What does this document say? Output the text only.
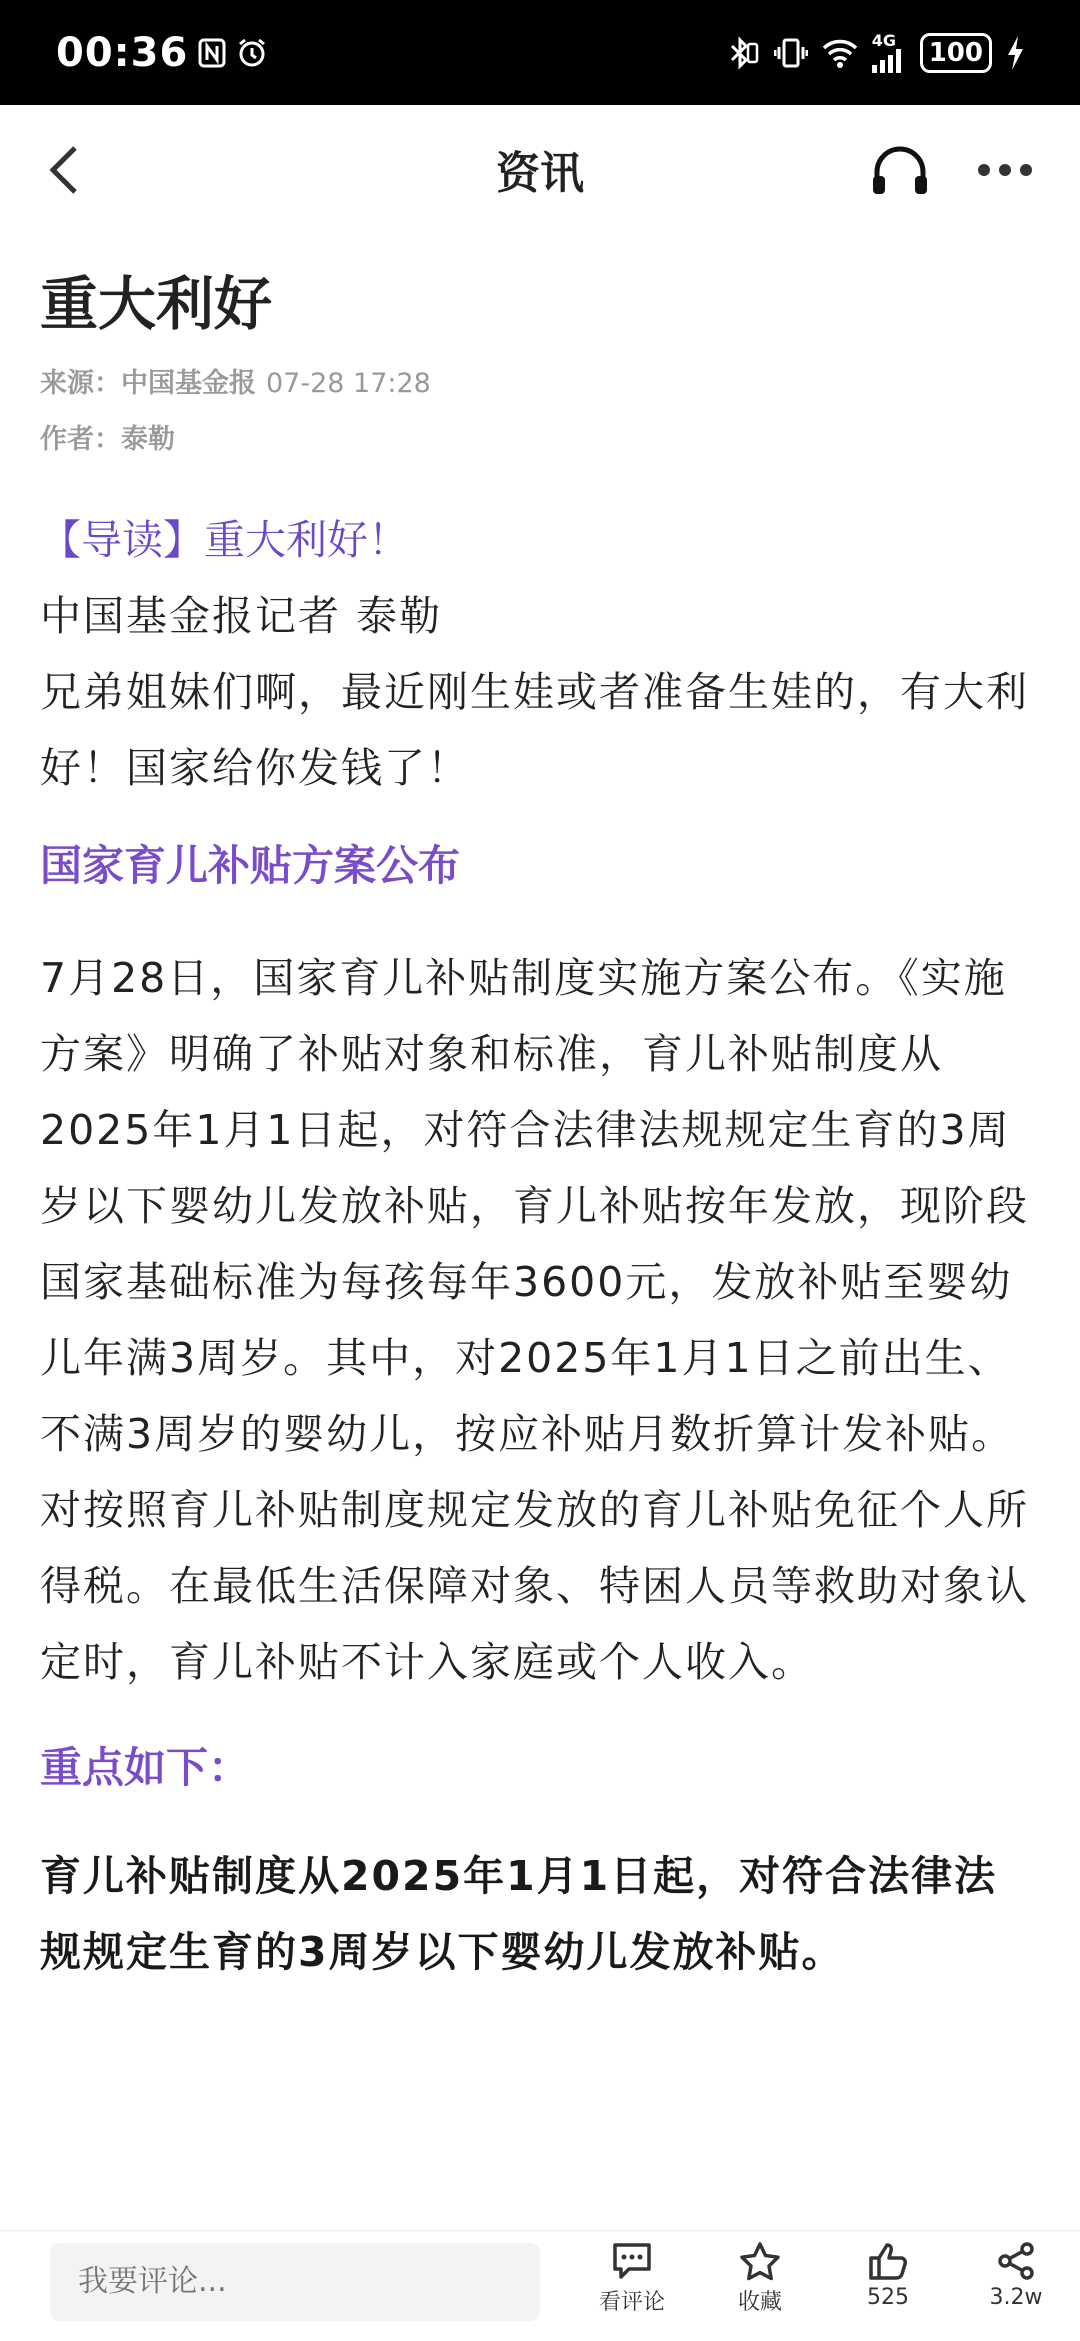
00:36	4G	100
资讯
重大利好
来源：中国基金报 07-28 17:28
作者：泰勒
【导读】重大利好！
中国基金报记者 泰勒
兄弟姐妹们啊，最近刚生娃或者准备生娃的，有大利好！国家给你发钱了！
国家育儿补贴方案公布
7月28日，国家育儿补贴制度实施方案公布。《实施方案》明确了补贴对象和标准，育儿补贴制度从2025年1月1日起，对符合法律法规规定生育的3周岁以下婴幼儿发放补贴，育儿补贴按年发放，现阶段国家基础标准为每孩每年3600元，发放补贴至婴幼儿年满3周岁。其中，对2025年1月1日之前出生、不满3周岁的婴幼儿，按应补贴月数折算计发补贴。对按照育儿补贴制度规定发放的育儿补贴免征个人所得税。在最低生活保障对象、特困人员等救助对象认定时，育儿补贴不计入家庭或个人收入。
重点如下：
育儿补贴制度从2025年1月1日起，对符合法律法规规定生育的3周岁以下婴幼儿发放补贴。
我要评论...
看评论	收藏	525	3.2w
